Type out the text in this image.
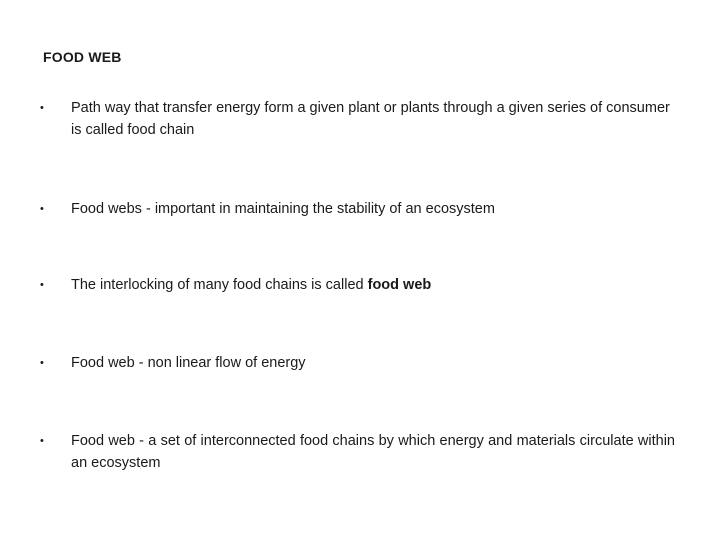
FOOD WEB
• Path way that transfer energy form a given plant or plants through a given series of consumer is called food chain
• Food webs - important in maintaining the stability of an ecosystem
• The interlocking of many food chains is called food web
• Food web - non linear flow of energy
• Food web - a set of interconnected food chains by which energy and materials circulate within an ecosystem
